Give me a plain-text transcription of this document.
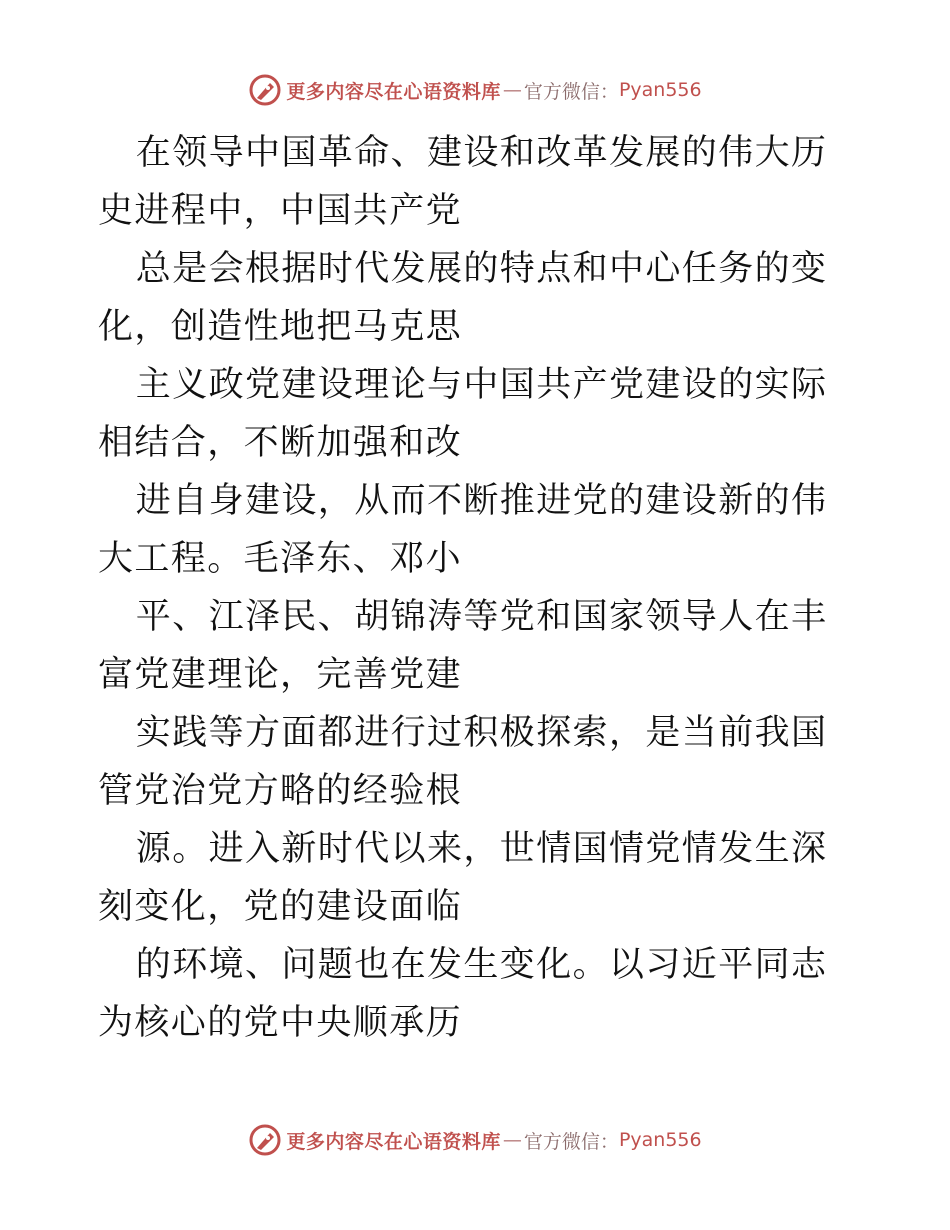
更多内容尽在心语资料库 — 官方微信： Pyan556

在领导中国革命、建设和改革发展的伟大历史进程中，中国共产党

总是会根据时代发展的特点和中心任务的变化，创造性地把马克思

主义政党建设理论与中国共产党建设的实际相结合，不断加强和改

进自身建设，从而不断推进党的建设新的伟大工程。毛泽东、邓小

平、江泽民、胡锦涛等党和国家领导人在丰富党建理论，完善党建

实践等方面都进行过积极探索，是当前我国管党治党方略的经验根

源。进入新时代以来，世情国情党情发生深刻变化，党的建设面临

的环境、问题也在发生变化。以习近平同志为核心的党中央顺承历

更多内容尽在心语资料库 — 官方微信： Pyan556
